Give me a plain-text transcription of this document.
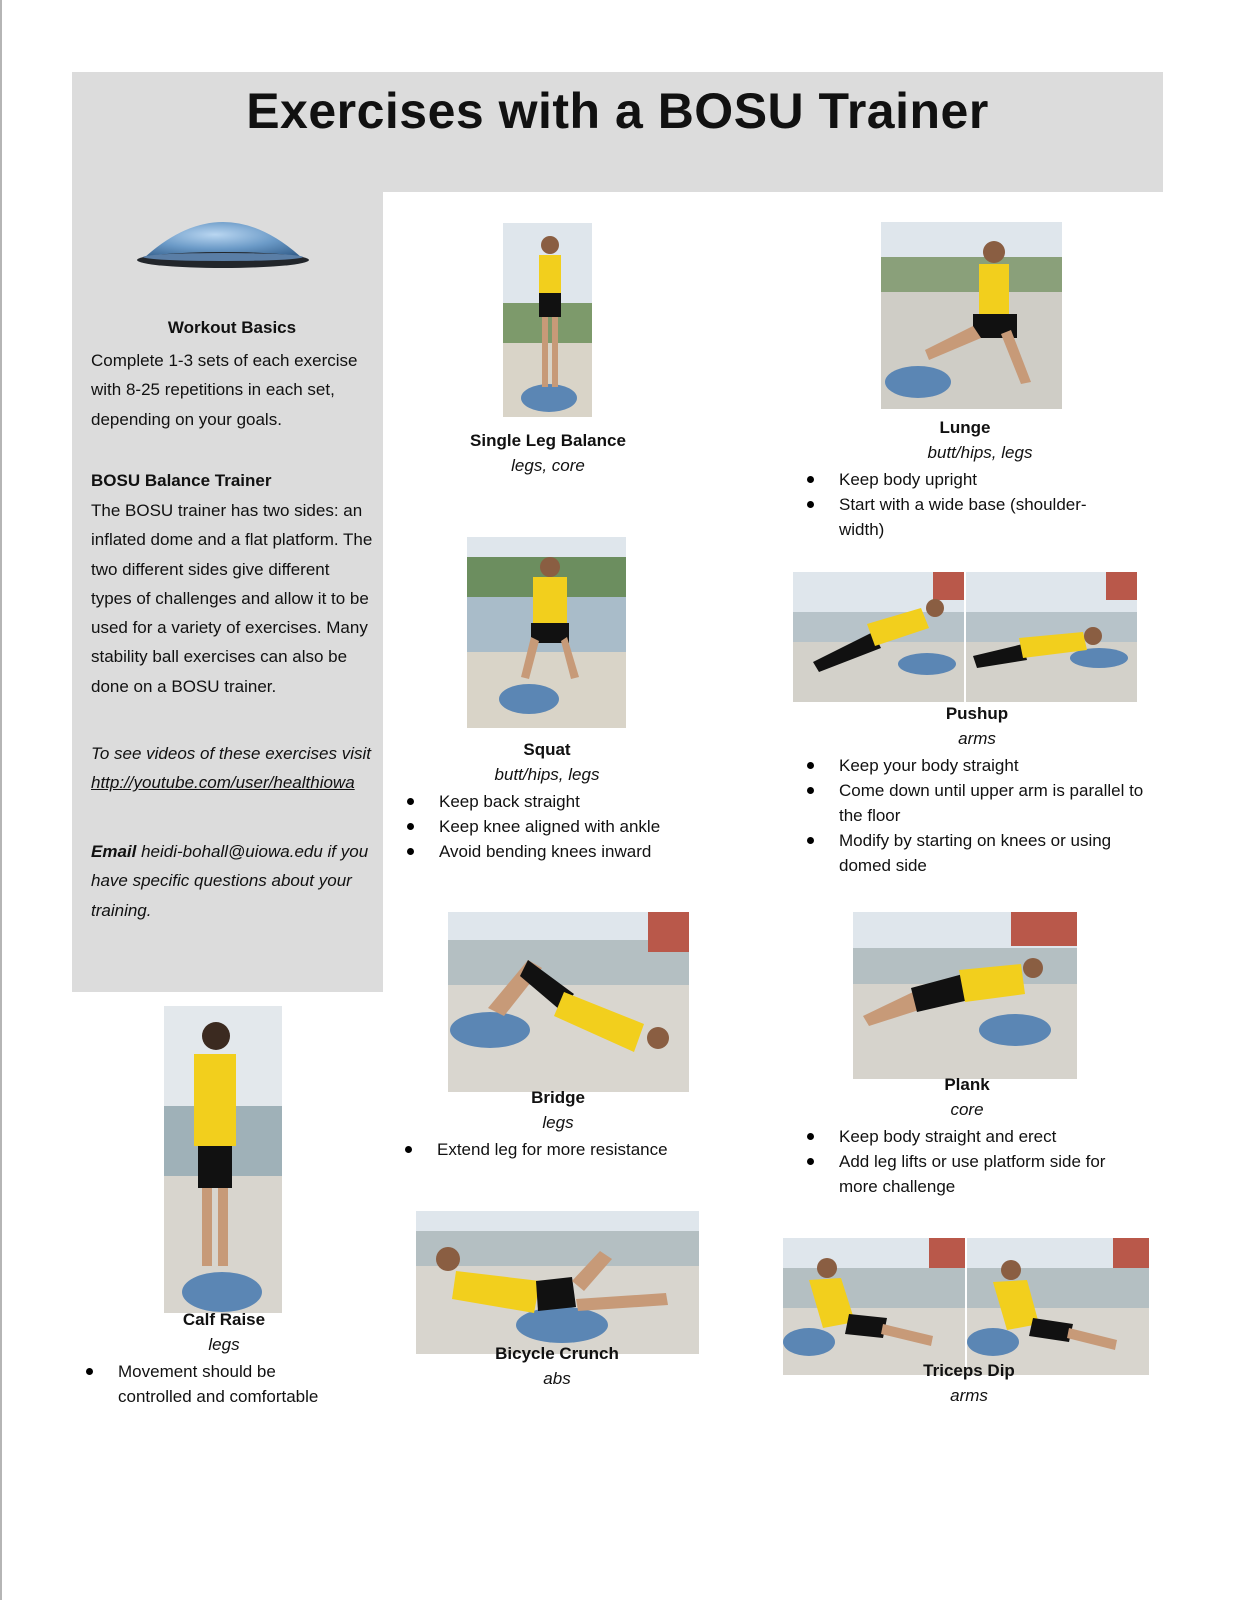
Exercises with a BOSU Trainer
Workout Basics
Complete 1-3 sets of each exercise with 8-25 repetitions in each set, depending on your goals.
BOSU Balance Trainer
The BOSU trainer has two sides: an inflated dome and a flat platform. The two different sides give different types of challenges and allow it to be used for a variety of exercises. Many stability ball exercises can also be done on a BOSU trainer.
To see videos of these exercises visit http://youtube.com/user/healthiowa
Email heidi-bohall@uiowa.edu if you have specific questions about your training.
Single Leg Balance
legs, core
Lunge
butt/hips, legs
Keep body upright
Start with a wide base (shoulder-width)
Squat
butt/hips, legs
Keep back straight
Keep knee aligned with ankle
Avoid bending knees inward
Pushup
arms
Keep your body straight
Come down until upper arm is parallel to the floor
Modify by starting on knees or using domed side
Bridge
legs
Extend leg for more resistance
Plank
core
Keep body straight and erect
Add leg lifts or use platform side for more challenge
Calf Raise
legs
Movement should be controlled and comfortable
Bicycle Crunch
abs	Triceps Dip
arms
